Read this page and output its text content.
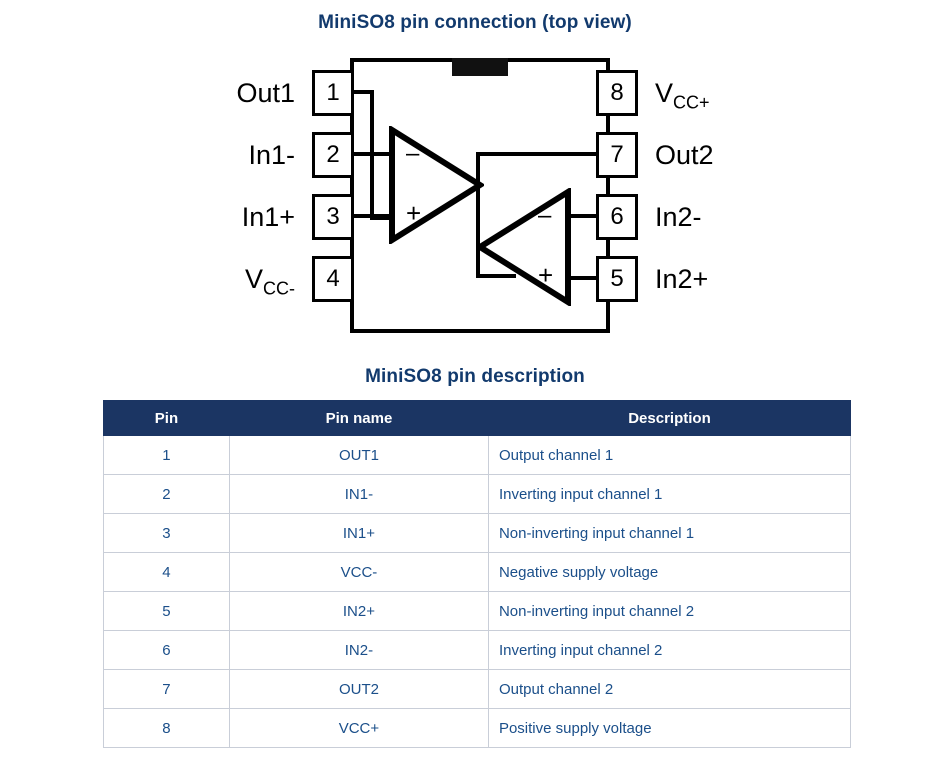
MiniSO8 pin connection (top view)
–
+	–
+
1
2
3
4
Out1
In1-
In1+
$V_{CC-}$
8
7
6
5
$V_{CC+}$
Out2
In2-
In2+
MiniSO8 pin description
Pin	Pin name	Description
1	OUT1	Output channel 1
2	IN1-	Inverting input channel 1
3	IN1+	Non-inverting input channel 1
4	VCC-	Negative supply voltage
5	IN2+	Non-inverting input channel 2
6	IN2-	Inverting input channel 2
7	OUT2	Output channel 2
8	VCC+	Positive supply voltage
